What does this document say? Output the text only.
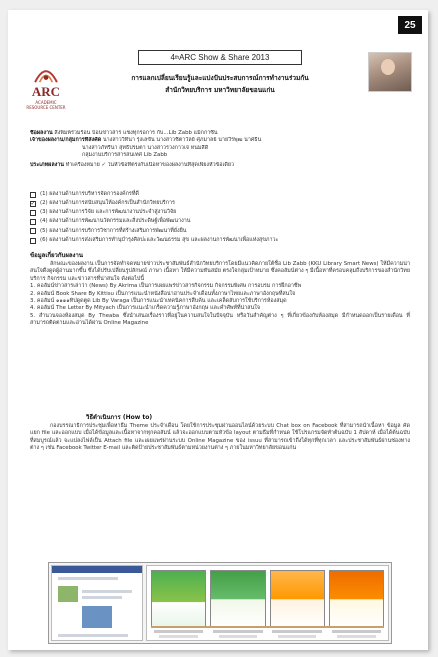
25
ARC
ACADEMIC RESOURCE CENTER
4 th ARC Show & Share 2013
การแลกเปลี่ยนเรียนรู้และแบ่งปันประสบการณ์การทำงานร่วมกัน
สำนักวิทยบริการ มหาวิทยาลัยขอนแก่น
ชื่อผลงาน สิ่งพิมพ์ร่วมร้อน บ้อนข่าวสาร แชงทุกรอการ กับ...Lib Zabb แม็กกาซีน
เจ้าของผลงาน/กลุ่มการที่ส่งคัด นางสาววิทินา รุ่งเลขัน นางสาวชิตาวัลย์ ศุภมาลย์ นายวีรพุฒ นาศธิน
นางสาวภัทรีนา สุทธิปรมตา นางสาวรวงกาวเจ่ หนมสีดี
กลุ่มงานบริการสารสนเทศ Lib Zabb
ประเภทผลงาน ทำเครื่องหมาย ✓ ในหัวข้อที่ตรงกับเนื้อหาของผลงานที่สุดเพียงหัวข้อเดียว
(1) ผลงานด้านการบริหารจัดการองค์กรที่ดี
✓ (2) ผลงานด้านการสนับสนุนให้องค์กรเป็นสำนักวิทยบริการ
(3) ผลงานด้านการวิจัย และการพัฒนางานประจำสู่งานวิจัย
(4) ผลงานด้านการพัฒนานวัตกรรมและสิ่งประดิษฐ์เพื่อพัฒนางาน
(5) ผลงานด้านการบริการวิชาการที่สร้างเสริมการพัฒนาที่ยั่งยืน
(6) ผลงานด้านการส่งเสริมการทำนุบำรุงศิลปะและวัฒนธรรม สุข และผลงานการพัฒนาเพื่อแห่งสุขภาวะ
ข้อมูลเกี่ยวกับผลงาน

ลักษณะของผลงาน เป็นการจัดทำจดหมายข่าวประชาสัมพันธ์สำนักวิทยบริการโดยมีแนวคิดภายใต้ชื่อ Lib Zabb (KKU Library Smart News) ให้มีความน่าสนใจดึงดูดผู้อ่านมากขึ้น ซึ่งได้ปรับเปลี่ยนรูปลักษณ์ ภาษา เนื้อหา ให้มีความทันสมัย ตรงใจกลุ่มเป้าหมาย ซึ่งคอลัมน์ต่าง ๆ มีเนื้อหาที่ครอบคลุมถึงบริการของสำนักวิทยบริการ กิจกรรม และข่าวสารที่น่าสนใจ ดังต่อไปนี้

1. คอลัมน์ข่าวสารเล่าว่า (News) By Akrima เป็นการเผยแพร่ข่าวสารกิจกรรม กิจกรรมพิเศษ การอบรม การฝึกอาชีพ

2. คอลัมน์ Book Share By Kittisu เป็นการแนะนำหนังสือน่าอ่านประจำเดือนทั้งภาษาไทยและภาษาอังกฤษที่สนใจ

3. คอลัมน์ ๑๑๑๑ทิปดูดตูด Lib By Varaga เป็นการแนะนำเทคนิคการสืบค้น และเคล็ดลับการใช้บริการห้องสมุด

4. คอลัมน์ The Letter By Mityach เป็นการแนะนำเกร็ดความรู้ภาษาอังกฤษ และคำศัพท์ที่น่าสนใจ

5. สำนวนจองห้องสมุด By Theaba ซึ่งนำเสนอเรื่องราวที่อยู่ในความสนใจในปัจจุบัน หรือวันสำคัญต่าง ๆ ที่เกี่ยวข้องกับห้องสมุด มีกำหนดออกเป็นรายเดือน ที่สามารถติดตามและอ่านได้ผ่าน Online Magazine

วิธีดำเนินการ (How to)

กองบรรณาธิการประชุมเพื่อหาธีม Theme ประจำเดือน โดยใช้การประชุมผ่านออนไลน์ด้วยระบบ Chat box on Facebook ที่สามารถนำเนื้อหา ข้อมูล คัดแยก file และออกแบบ เมื่อได้ข้อมูลและเนื้อหาจากทุกคอลัมน์ แล้วจะออกแบบตามหัวข้อ layout ตามธีมที่กำหนด ใช้โปรแกรมจัดทำต้นฉบับ 1 สัปดาห์ เมื่อได้ต้นฉบับที่สมบูรณ์แล้ว จะแปลงไฟล์เป็น Attach file และเผยแพร่ผ่านระบบ Online Magazine ของ issuu ที่สามารถเข้าถึงได้ทุกที่ทุกเวลา และประชาสัมพันธ์ผ่านช่องทางต่าง ๆ เช่น Facebook Twitter E-mail และติดป้ายประชาสัมพันธ์ตามหน่วยงานต่าง ๆ ภายในมหาวิทยาลัยขอนแก่น
